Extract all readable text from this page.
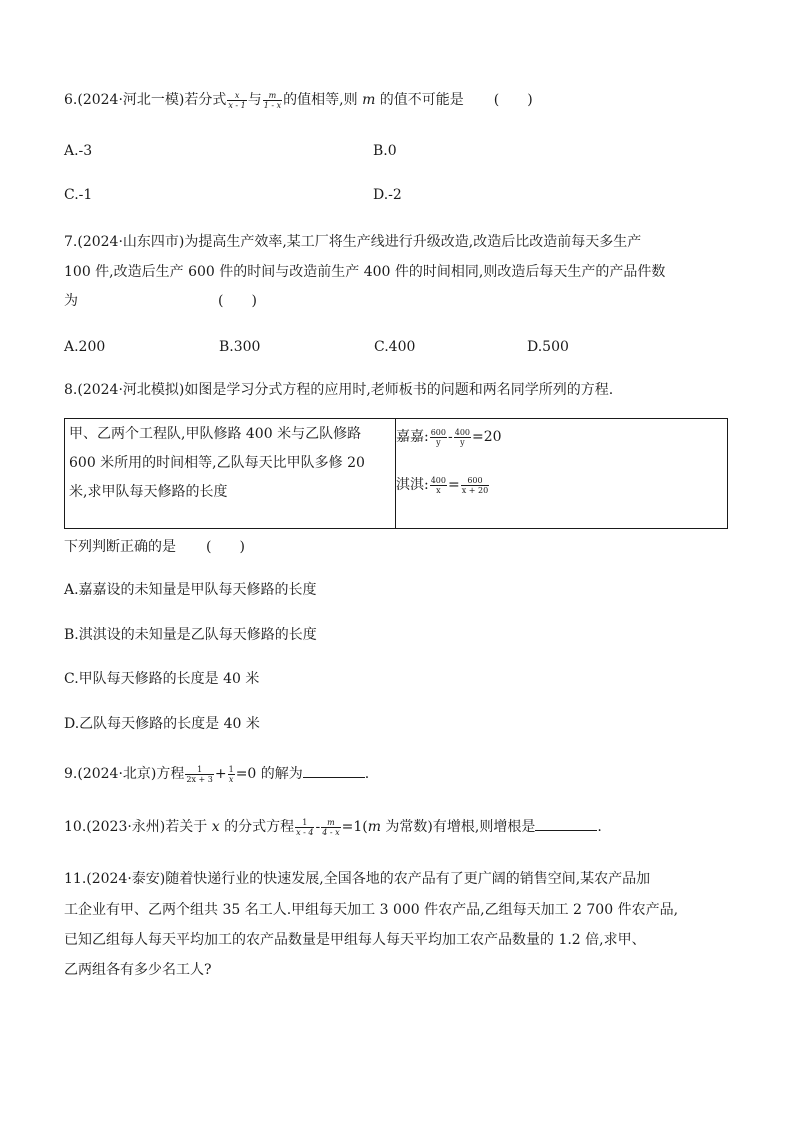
6.(2024·河北一模)若分式 $\frac{x}{x - 1}$ 与 $\frac{m}{1 - x}$ 的值相等,则 m 的值不可能是 (　　)
A.-3	B.0
C.-1	D.-2
7.(2024·山东四市)为提高生产效率,某工厂将生产线进行升级改造,改造后比改造前每天多生产
100 件,改造后生产 600 件的时间与改造前生产 400 件的时间相同,则改造后每天生产的产品件数
为	(　　)
A.200	B.300	C.400	D.500
8.(2024·河北模拟)如图是学习分式方程的应用时,老师板书的问题和两名同学所列的方程.
甲、乙两个工程队,甲队修路 400 米与乙队修路
600 米所用的时间相等,乙队每天比甲队多修 20
米,求甲队每天修路的长度

嘉嘉: $\frac{600}{y} - \frac{400}{y} =20$
淇淇: $\frac{400}{x} = \frac{600}{x + 20}$
下列判断正确的是 (　　)
A.嘉嘉设的未知量是甲队每天修路的长度
B.淇淇设的未知量是乙队每天修路的长度
C.甲队每天修路的长度是 40 米
D.乙队每天修路的长度是 40 米
9.(2024·北京)方程 $\frac{1}{2x + 3} + \frac{1}{x} =0$ 的解为	.
10.(2023·永州)若关于 x 的分式方程 $\frac{1}{x - 4} - \frac{m}{4 - x} =1(m$ 为常数)有增根,则增根是	.
11.(2024·泰安)随着快递行业的快速发展,全国各地的农产品有了更广阔的销售空间,某农产品加
工企业有甲、乙两个组共 35 名工人.甲组每天加工 3 000 件农产品,乙组每天加工 2 700 件农产品,
已知乙组每人每天平均加工的农产品数量是甲组每人每天平均加工农产品数量的 1.2 倍,求甲、
乙两组各有多少名工人?
